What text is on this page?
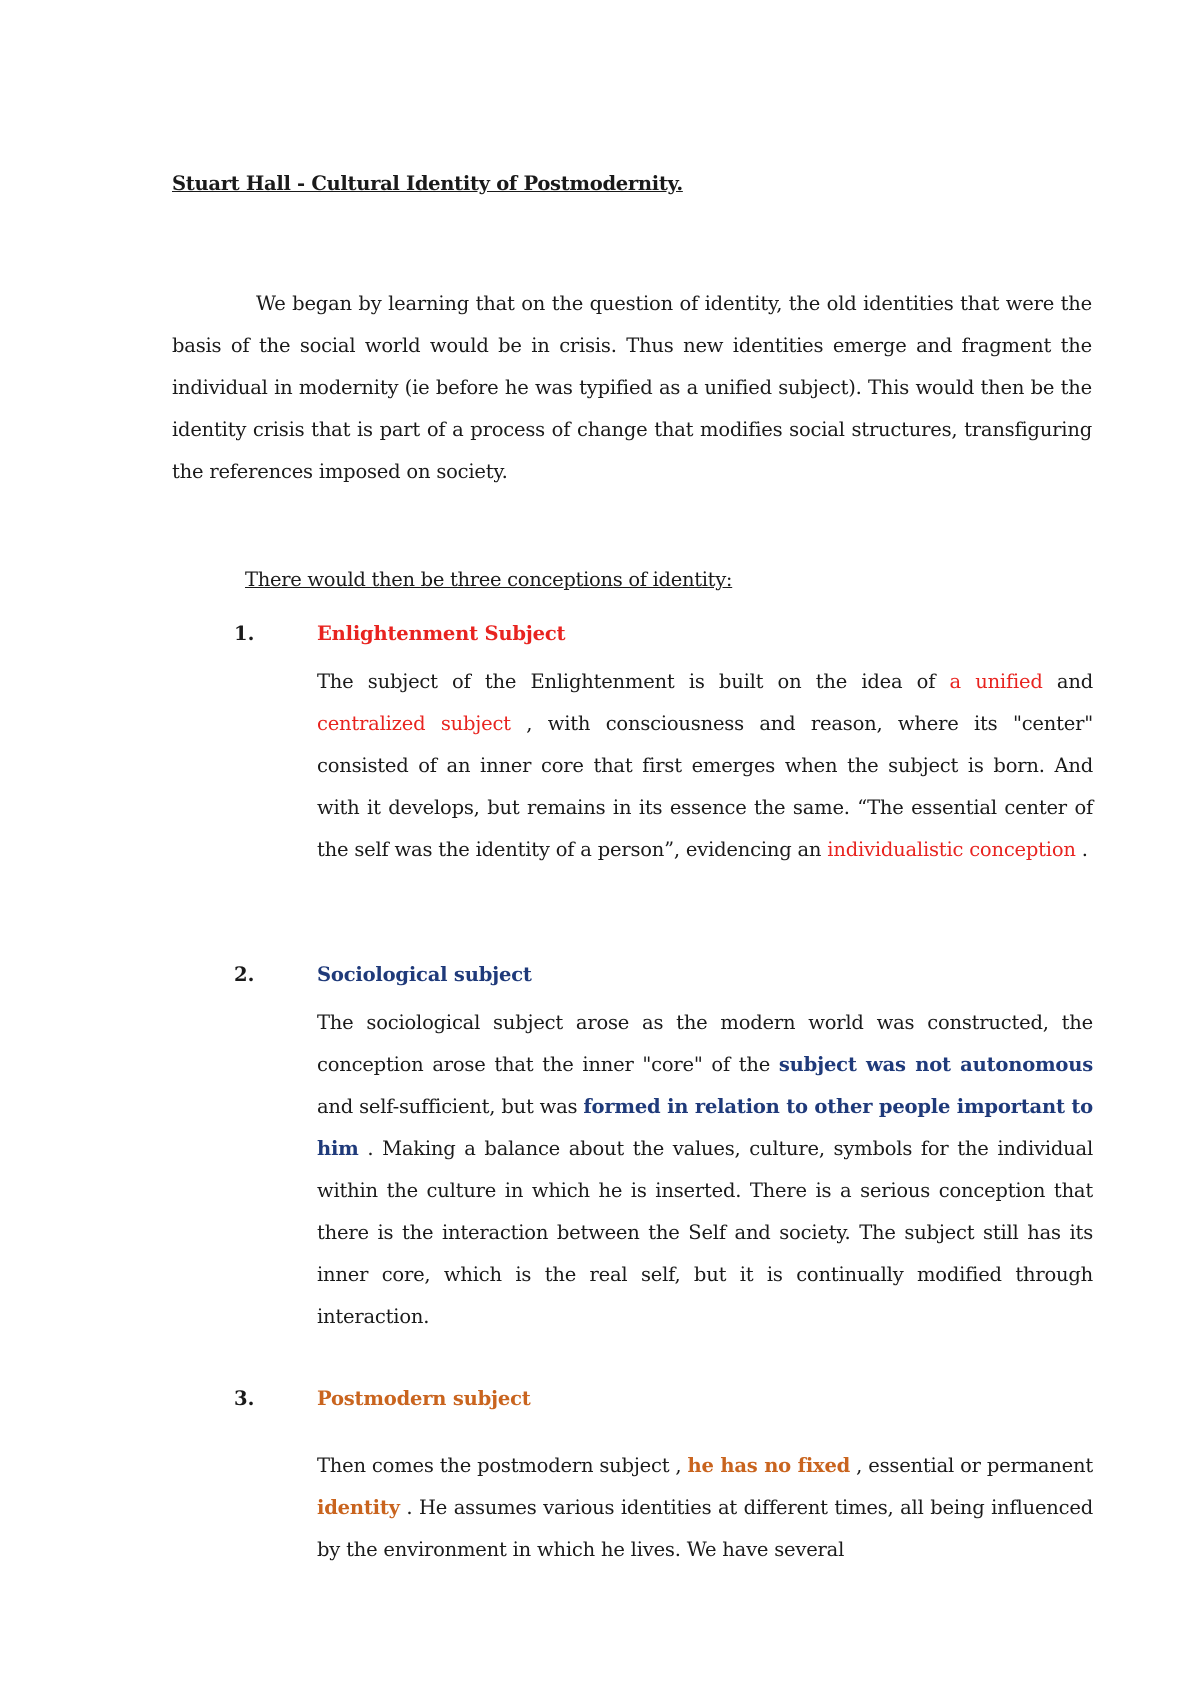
Stuart Hall - Cultural Identity of Postmodernity.

We began by learning that on the question of identity, the old identities that were the basis of the social world would be in crisis. Thus new identities emerge and fragment the individual in modernity (ie before he was typified as a unified subject). This would then be the identity crisis that is part of a process of change that modifies social structures, transfiguring the references imposed on society.

There would then be three conceptions of identity:

1.	Enlightenment Subject

The subject of the Enlightenment is built on the idea of a unified and centralized subject , with consciousness and reason, where its "center" consisted of an inner core that first emerges when the subject is born. And with it develops, but remains in its essence the same. “The essential center of the self was the identity of a person”, evidencing an individualistic conception .

2.	Sociological subject

The sociological subject arose as the modern world was constructed, the conception arose that the inner "core" of the subject was not autonomous and self-sufficient, but was formed in relation to other people important to him . Making a balance about the values, culture, symbols for the individual within the culture in which he is inserted. There is a serious conception that there is the interaction between the Self and society. The subject still has its inner core, which is the real self, but it is continually modified through interaction.

3.	Postmodern subject

Then comes the postmodern subject , he has no fixed , essential or permanent identity . He assumes various identities at different times, all being influenced by the environment in which he lives. We have several
